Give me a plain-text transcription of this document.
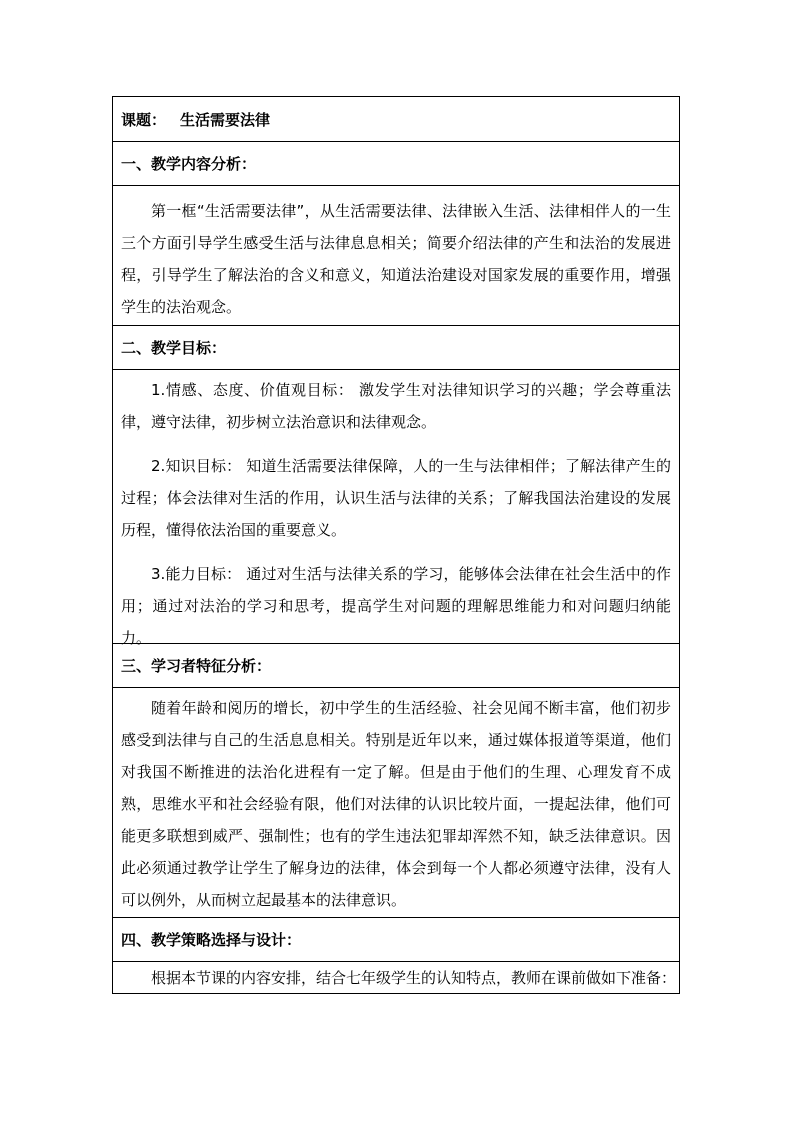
课题： 生活需要法律
一、教学内容分析：

第一框“生活需要法律”，从生活需要法律、法律嵌入生活、法律相伴人的一生三个方面引导学生感受生活与法律息息相关；简要介绍法律的产生和法治的发展进程，引导学生了解法治的含义和意义，知道法治建设对国家发展的重要作用，增强学生的法治观念。

二、教学目标：

1.情感、态度、价值观目标： 激发学生对法律知识学习的兴趣；学会尊重法律，遵守法律，初步树立法治意识和法律观念。

2.知识目标： 知道生活需要法律保障，人的一生与法律相伴；了解法律产生的过程；体会法律对生活的作用，认识生活与法律的关系；了解我国法治建设的发展历程，懂得依法治国的重要意义。

3.能力目标： 通过对生活与法律关系的学习，能够体会法律在社会生活中的作用；通过对法治的学习和思考，提高学生对问题的理解思维能力和对问题归纳能力。

三、学习者特征分析：

随着年龄和阅历的增长，初中学生的生活经验、社会见闻不断丰富，他们初步感受到法律与自己的生活息息相关。特别是近年以来，通过媒体报道等渠道，他们对我国不断推进的法治化进程有一定了解。但是由于他们的生理、心理发育不成熟，思维水平和社会经验有限，他们对法律的认识比较片面，一提起法律，他们可能更多联想到威严、强制性；也有的学生违法犯罪却浑然不知，缺乏法律意识。因此必须通过教学让学生了解身边的法律，体会到每一个人都必须遵守法律，没有人可以例外，从而树立起最基本的法律意识。

四、教学策略选择与设计：

根据本节课的内容安排，结合七年级学生的认知特点，教师在课前做如下准备：
